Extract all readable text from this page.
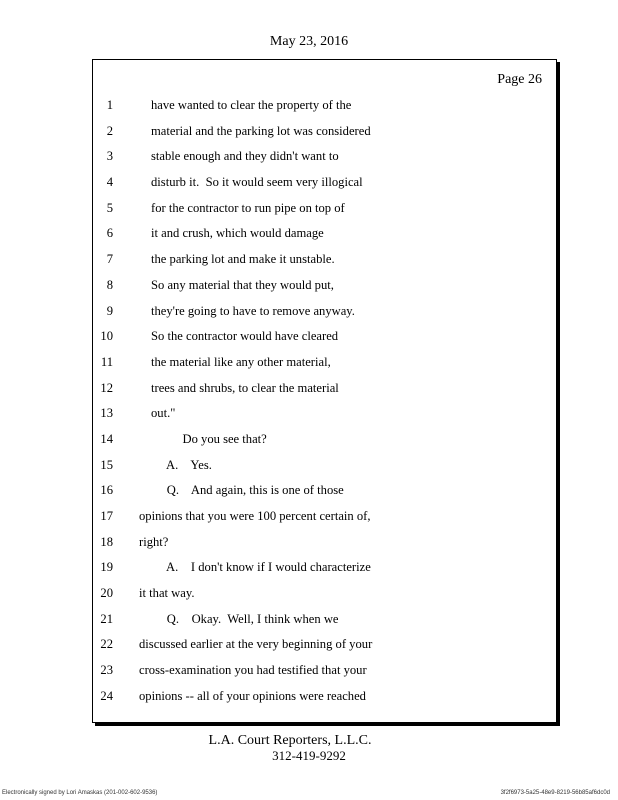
May 23, 2016
Page 26
1	have wanted to clear the property of the
2	material and the parking lot was considered
3	stable enough and they didn't want to
4	disturb it.  So it would seem very illogical
5	for the contractor to run pipe on top of
6	it and crush, which would damage
7	the parking lot and make it unstable.
8	So any material that they would put,
9	they're going to have to remove anyway.
10	So the contractor would have cleared
11	the material like any other material,
12	trees and shrubs, to clear the material
13	out."
14	Do you see that?
15	A.    Yes.
16	Q.    And again, this is one of those
17 opinions that you were 100 percent certain of,
18 right?
19	A.    I don't know if I would characterize
20 it that way.
21	Q.    Okay.  Well, I think when we
22 discussed earlier at the very beginning of your
23 cross-examination you had testified that your
24 opinions -- all of your opinions were reached
L.A. Court Reporters, L.L.C.
312-419-9292
Electronically signed by Lori Amaskas (201-002-602-9536)	3f2f6973-5a25-48e9-8219-56b85af6dc0d
